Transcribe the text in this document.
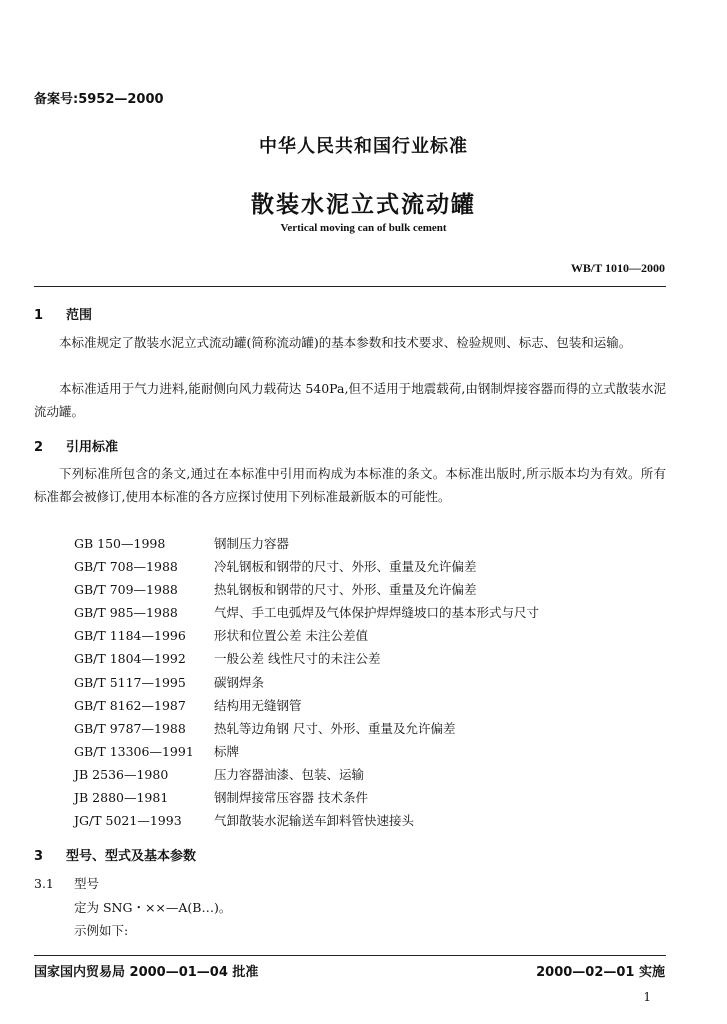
备案号:5952—2000
中华人民共和国行业标准
散装水泥立式流动罐
Vertical moving can of bulk cement
WB/T 1010—2000
1 范围
本标准规定了散装水泥立式流动罐(简称流动罐)的基本参数和技术要求、检验规则、标志、包装和运输。
本标准适用于气力进料,能耐侧向风力载荷达 540Pa,但不适用于地震载荷,由钢制焊接容器而得的立式散装水泥流动罐。
2 引用标准
下列标准所包含的条文,通过在本标准中引用而构成为本标准的条文。本标准出版时,所示版本均为有效。所有标准都会被修订,使用本标准的各方应探讨使用下列标准最新版本的可能性。
GB 150—1998	钢制压力容器
GB/T 708—1988	冷轧钢板和钢带的尺寸、外形、重量及允许偏差
GB/T 709—1988	热轧钢板和钢带的尺寸、外形、重量及允许偏差
GB/T 985—1988	气焊、手工电弧焊及气体保护焊焊缝坡口的基本形式与尺寸
GB/T 1184—1996 形状和位置公差 未注公差值
GB/T 1804—1992 一般公差 线性尺寸的未注公差
GB/T 5117—1995 碳钢焊条
GB/T 8162—1987 结构用无缝钢管
GB/T 9787—1988 热轧等边角钢 尺寸、外形、重量及允许偏差
GB/T 13306—1991 标牌
JB 2536—1980	压力容器油漆、包装、运输
JB 2880—1981	钢制焊接常压容器 技术条件
JG/T 5021—1993	气卸散装水泥输送车卸料管快速接头
3 型号、型式及基本参数
3.1 型号
定为 SNG・××—A(B…)。
示例如下:
国家国内贸易局 2000—01—04 批准	2000—02—01 实施
1
